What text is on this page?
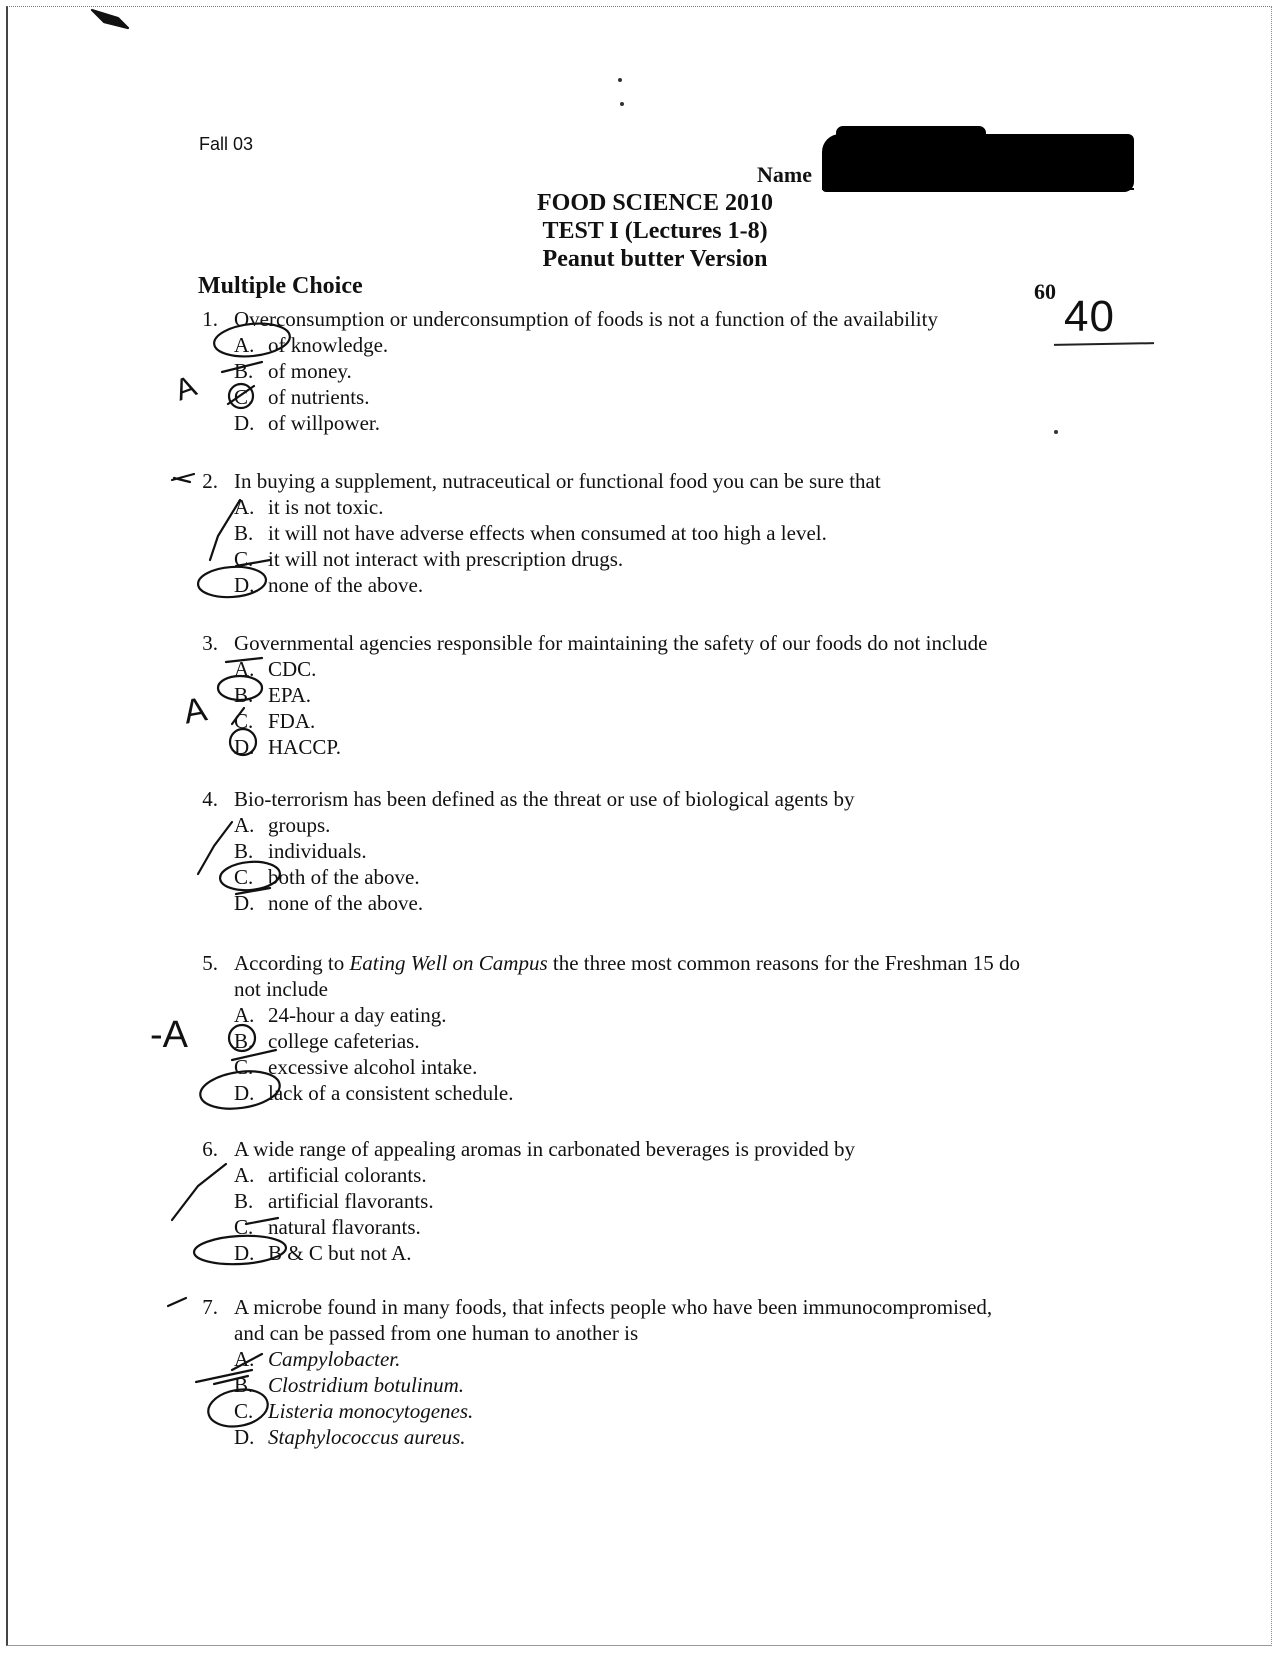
Fall 03
Name
FOOD SCIENCE 2010
TEST I (Lectures 1-8)
Peanut butter Version
Multiple Choice	60
40
1. Overconsumption or underconsumption of foods is not a function of the availability
A. of knowledge.
B. of money.
C. of nutrients.
D. of willpower.
2. In buying a supplement, nutraceutical or functional food you can be sure that
A. it is not toxic.
B. it will not have adverse effects when consumed at too high a level.
C. it will not interact with prescription drugs.
D. none of the above.
3. Governmental agencies responsible for maintaining the safety of our foods do not include
A. CDC.
B. EPA.
C. FDA.
D. HACCP.
4. Bio-terrorism has been defined as the threat or use of biological agents by
A. groups.
B. individuals.
C. both of the above.
D. none of the above.
5. According to Eating Well on Campus the three most common reasons for the Freshman 15 do
not include
A. 24-hour a day eating.
B. college cafeterias.
C. excessive alcohol intake.
D. lack of a consistent schedule.
6. A wide range of appealing aromas in carbonated beverages is provided by
A. artificial colorants.
B. artificial flavorants.
C. natural flavorants.
D. B & C but not A.
7. A microbe found in many foods, that infects people who have been immunocompromised,
and can be passed from one human to another is
A. Campylobacter.
B. Clostridium botulinum.
C. Listeria monocytogenes.
D. Staphylococcus aureus.
A
A
-A
